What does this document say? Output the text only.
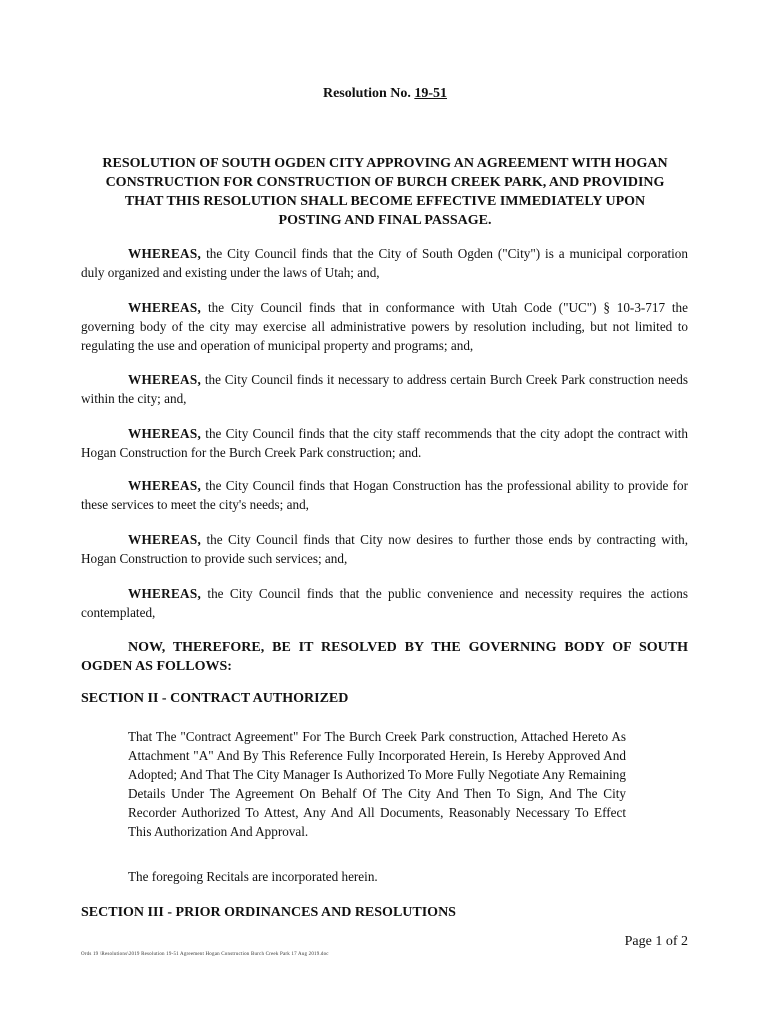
Resolution No. 19-51
RESOLUTION OF SOUTH OGDEN CITY APPROVING AN AGREEMENT WITH HOGAN CONSTRUCTION FOR CONSTRUCTION OF BURCH CREEK PARK, AND PROVIDING THAT THIS RESOLUTION SHALL BECOME EFFECTIVE IMMEDIATELY UPON POSTING AND FINAL PASSAGE.
WHEREAS, the City Council finds that the City of South Ogden ("City") is a municipal corporation duly organized and existing under the laws of Utah; and,
WHEREAS, the City Council finds that in conformance with Utah Code ("UC") § 10-3-717 the governing body of the city may exercise all administrative powers by resolution including, but not limited to regulating the use and operation of municipal property and programs; and,
WHEREAS, the City Council finds it necessary to address certain Burch Creek Park construction needs within the city; and,
WHEREAS, the City Council finds that the city staff recommends that the city adopt the contract with Hogan Construction for the Burch Creek Park construction; and.
WHEREAS, the City Council finds that Hogan Construction has the professional ability to provide for these services to meet the city's needs; and,
WHEREAS, the City Council finds that City now desires to further those ends by contracting with, Hogan Construction to provide such services; and,
WHEREAS, the City Council finds that the public convenience and necessity requires the actions contemplated,
NOW, THEREFORE, BE IT RESOLVED BY THE GOVERNING BODY OF SOUTH OGDEN AS FOLLOWS:
SECTION II - CONTRACT AUTHORIZED
That The "Contract Agreement" For The Burch Creek Park construction, Attached Hereto As Attachment "A" And By This Reference Fully Incorporated Herein, Is Hereby Approved And Adopted; And That The City Manager Is Authorized To More Fully Negotiate Any Remaining Details Under The Agreement On Behalf Of The City And Then To Sign, And The City Recorder Authorized To Attest, Any And All Documents, Reasonably Necessary To Effect This Authorization And Approval.
The foregoing Recitals are incorporated herein.
SECTION III - PRIOR ORDINANCES AND RESOLUTIONS
Page 1 of 2
Ords 19 \Resolutions\2019 Resolution 19-51 Agreement Hogan Construction Burch Creek Park 17 Aug 2019.doc
